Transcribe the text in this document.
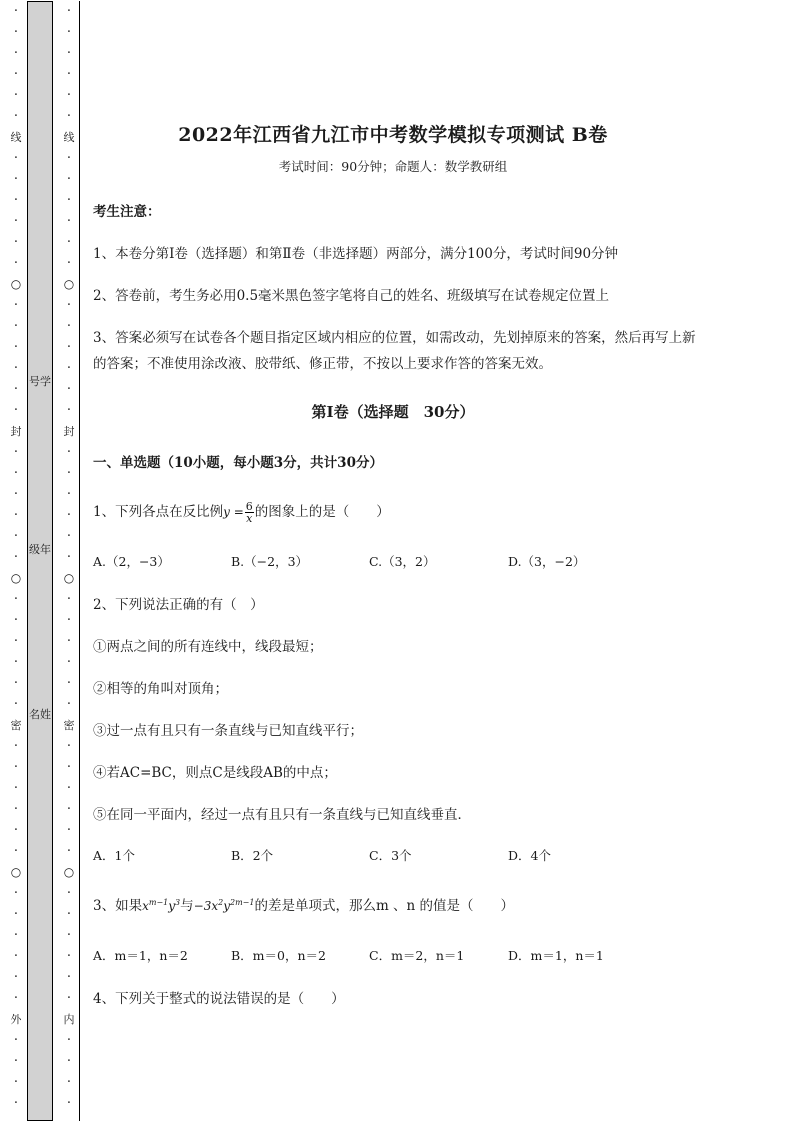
·
·
·
·
·
·
线
·
·
·
·
·
·
○
·
·
·
·
·
·
封
·
·
·
·
·
·
○
·
·
·
·
·
·
密
·
·
·
·
·
·
○
·
·
·
·
·
·
外
·
·
·
·
·
·
·
·
·
·
线
·
·
·
·
·
·
○
·
·
·
·
·
·
封
·
·
·
·
·
·
○
·
·
·
·
·
·
密
·
·
·
·
·
·
○
·
·
·
·
·
·
内
·
·
·
·
号学
级年
名姓
2022年江西省九江市中考数学模拟专项测试 B卷
考试时间：90分钟；命题人：数学教研组
考生注意：
1、本卷分第Ⅰ卷（选择题）和第Ⅱ卷（非选择题）两部分，满分100分，考试时间90分钟
2、答卷前，考生务必用0.5毫米黑色签字笔将自己的姓名、班级填写在试卷规定位置上
3、答案必须写在试卷各个题目指定区域内相应的位置，如需改动，先划掉原来的答案，然后再写上新
的答案；不准使用涂改液、胶带纸、修正带，不按以上要求作答的答案无效。
第Ⅰ卷（选择题　30分）
一、单选题（10小题，每小题3分，共计30分）
1、下列各点在反比例$y = \frac{6}{x}$ 的图象上的是（　　）
A.（2，−3）	B.（−2，3）	C.（3，2）	D.（3，−2）
2、下列说法正确的有（　）
①两点之间的所有连线中，线段最短；
②相等的角叫对顶角；
③过一点有且只有一条直线与已知直线平行；
④若AC=BC，则点C是线段AB的中点；
⑤在同一平面内，经过一点有且只有一条直线与已知直线垂直．
A．1个	B．2个	C．3个	D．4个
3、如果$x^{m-1}y^3$与$-3x^2y^{2m-1}$的差是单项式，那么m 、n 的值是（　　）
A．m＝1，n＝2	B．m＝0，n＝2	C．m＝2，n＝1	D．m＝1，n＝1
4、下列关于整式的说法错误的是（　　）
